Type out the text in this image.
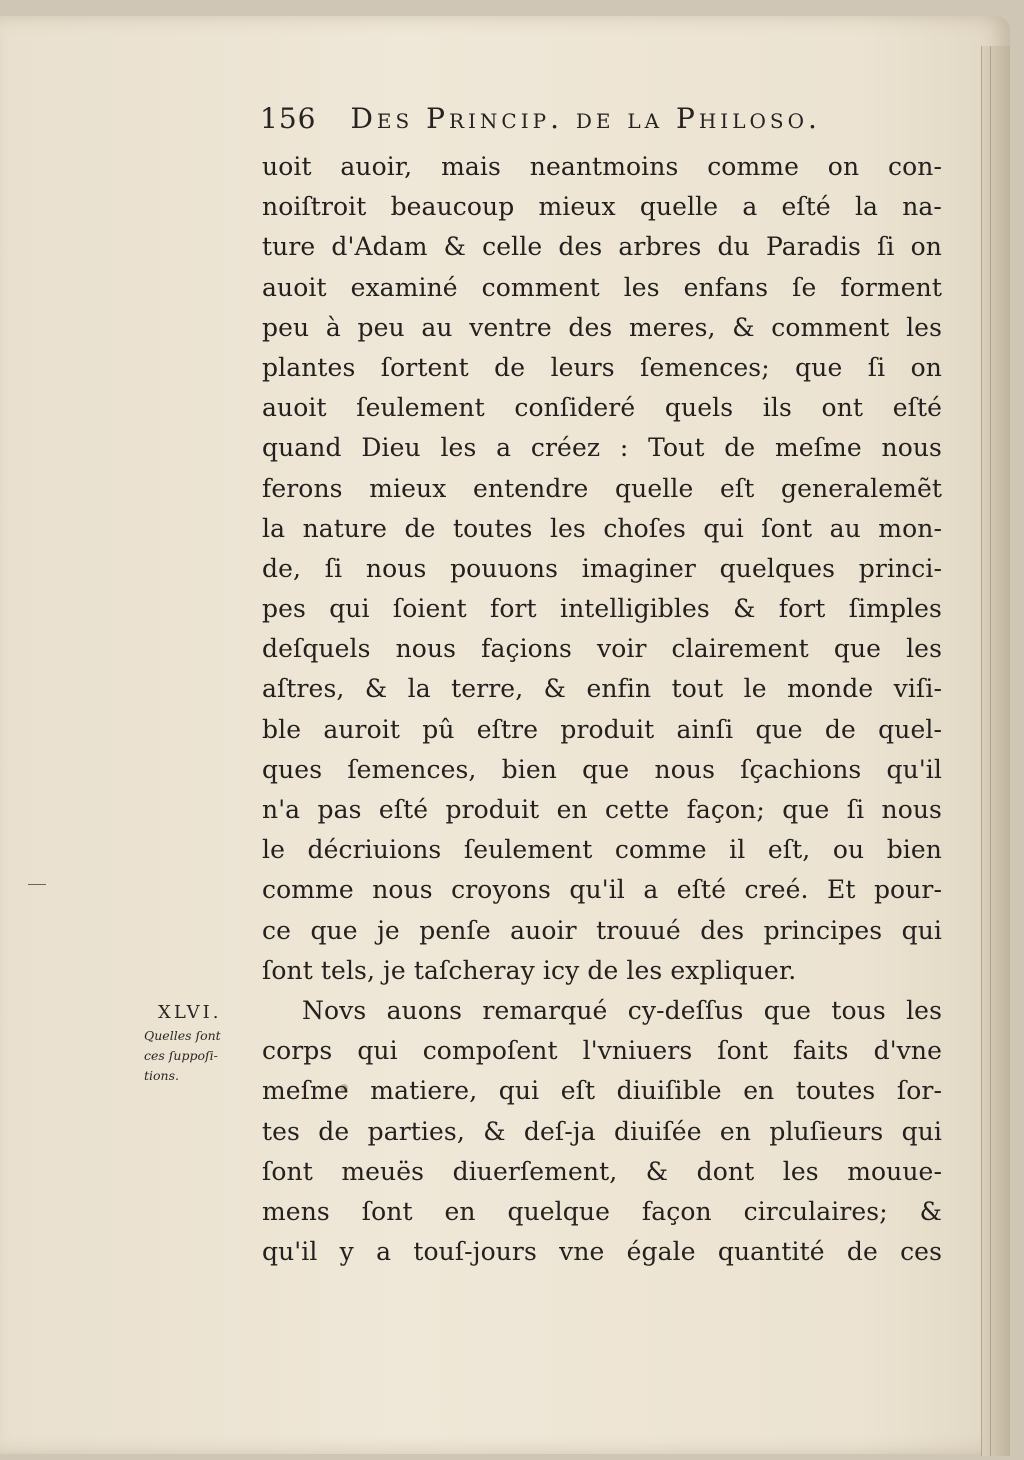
156 Des Princip. de la Philoso.
uoit auoir, mais neantmoins comme on con-
noiſtroit beaucoup mieux quelle a eſté la na-
ture d'Adam & celle des arbres du Paradis ſi on
auoit examiné comment les enfans ſe forment
peu à peu au ventre des meres, & comment les
plantes ſortent de leurs ſemences; que ſi on
auoit ſeulement conſideré quels ils ont eſté
quand Dieu les a créez : Tout de meſme nous
ferons mieux entendre quelle eſt generalemẽt
la nature de toutes les choſes qui ſont au mon-
de, ſi nous pouuons imaginer quelques princi-
pes qui ſoient fort intelligibles & fort ſimples
deſquels nous façions voir clairement que les
aſtres, & la terre, & enfin tout le monde viſi-
ble auroit pû eſtre produit ainſi que de quel-
ques ſemences, bien que nous ſçachions qu'il
n'a pas eſté produit en cette façon; que ſi nous
le décriuions ſeulement comme il eſt, ou bien
comme nous croyons qu'il a eſté creé. Et pour-
ce que je penſe auoir trouué des principes qui
ſont tels, je taſcheray icy de les expliquer.
Novs auons remarqué cy-deſſus que tous les
corps qui compoſent l'vniuers ſont faits d'vne
meſme matiere, qui eſt diuiſible en toutes ſor-
tes de parties, & deſ-ja diuiſée en pluſieurs qui
ſont meuës diuerſement, & dont les mouue-
mens ſont en quelque façon circulaires; &
qu'il y a touſ-jours vne égale quantité de ces
XLVI.
Quelles ſont
ces ſuppoſi-
tions.
